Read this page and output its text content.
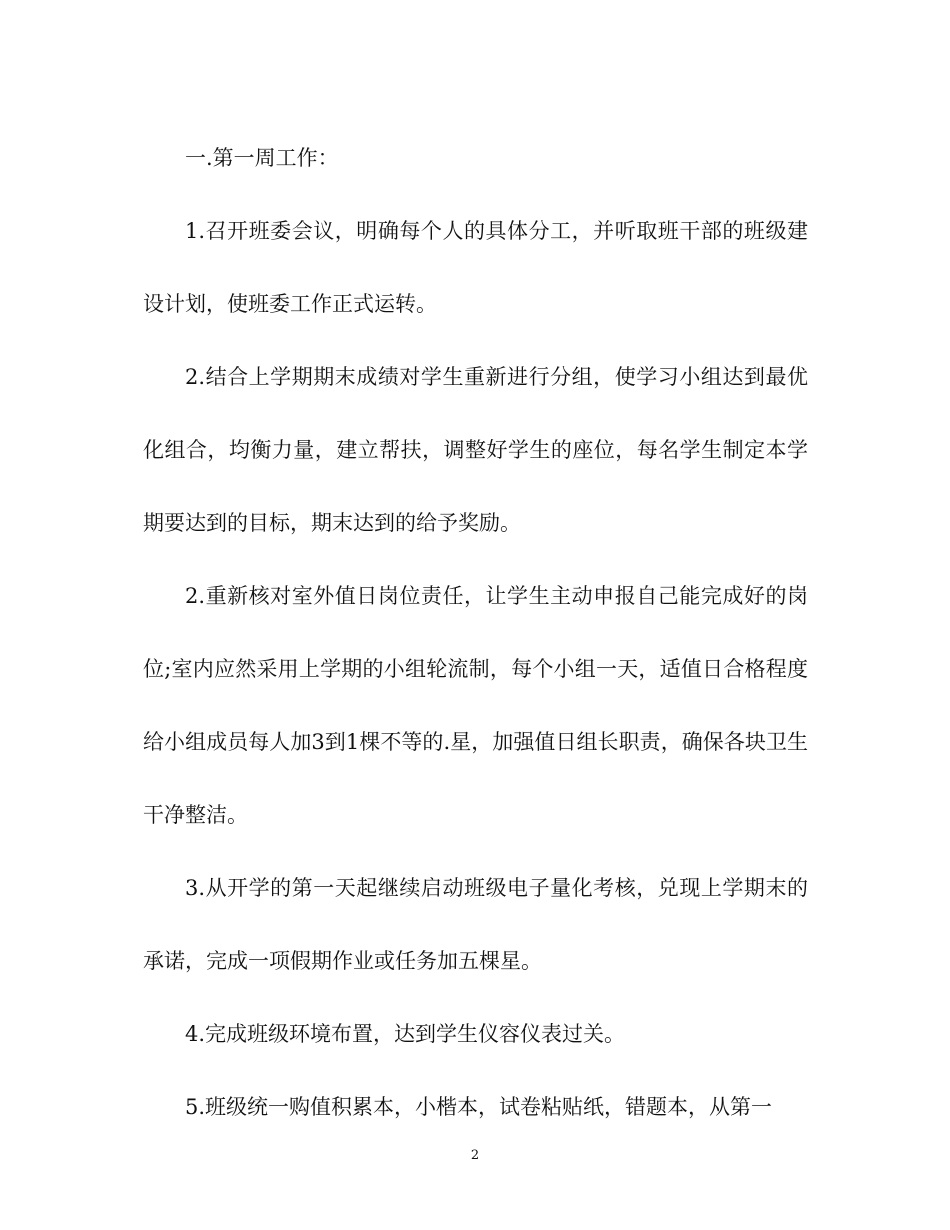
一.第一周工作：

1.召开班委会议，明确每个人的具体分工，并听取班干部的班级建设计划，使班委工作正式运转。

2.结合上学期期末成绩对学生重新进行分组，使学习小组达到最优化组合，均衡力量，建立帮扶，调整好学生的座位，每名学生制定本学期要达到的目标，期末达到的给予奖励。

2.重新核对室外值日岗位责任，让学生主动申报自己能完成好的岗位;室内应然采用上学期的小组轮流制，每个小组一天，适值日合格程度给小组成员每人加3到1棵不等的.星，加强值日组长职责，确保各块卫生干净整洁。

3.从开学的第一天起继续启动班级电子量化考核，兑现上学期末的承诺，完成一项假期作业或任务加五棵星。

4.完成班级环境布置，达到学生仪容仪表过关。

5.班级统一购值积累本，小楷本，试卷粘贴纸，错题本，从第一

2
